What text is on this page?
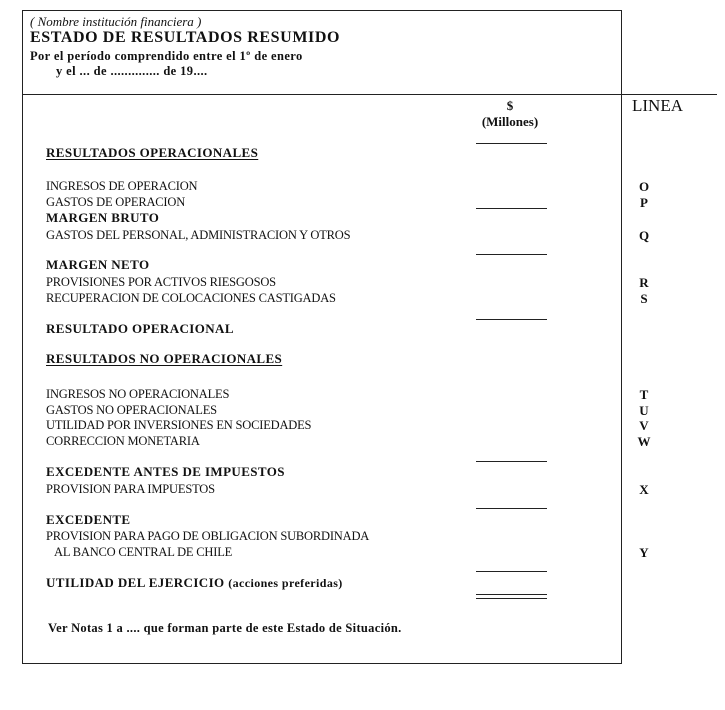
( Nombre institución financiera )
ESTADO DE RESULTADOS RESUMIDO
Por el período comprendido entre el 1º de enero
y el ... de .............. de 19....
$
(Millones)
LINEA
RESULTADOS OPERACIONALES
INGRESOS DE OPERACION	O
GASTOS DE OPERACION	P
MARGEN BRUTO
GASTOS DEL PERSONAL, ADMINISTRACION Y OTROS	Q
MARGEN NETO
PROVISIONES POR ACTIVOS RIESGOSOS	R
RECUPERACION DE COLOCACIONES CASTIGADAS	S
RESULTADO OPERACIONAL
RESULTADOS NO OPERACIONALES
INGRESOS NO OPERACIONALES	T
GASTOS NO OPERACIONALES	U
UTILIDAD POR INVERSIONES EN SOCIEDADES	V
CORRECCION MONETARIA	W
EXCEDENTE ANTES DE IMPUESTOS
PROVISION PARA IMPUESTOS	X
EXCEDENTE
PROVISION PARA PAGO DE OBLIGACION SUBORDINADA
AL BANCO CENTRAL DE CHILE	Y
UTILIDAD DEL EJERCICIO (acciones preferidas)
Ver Notas 1 a .... que forman parte de este Estado de Situación.
